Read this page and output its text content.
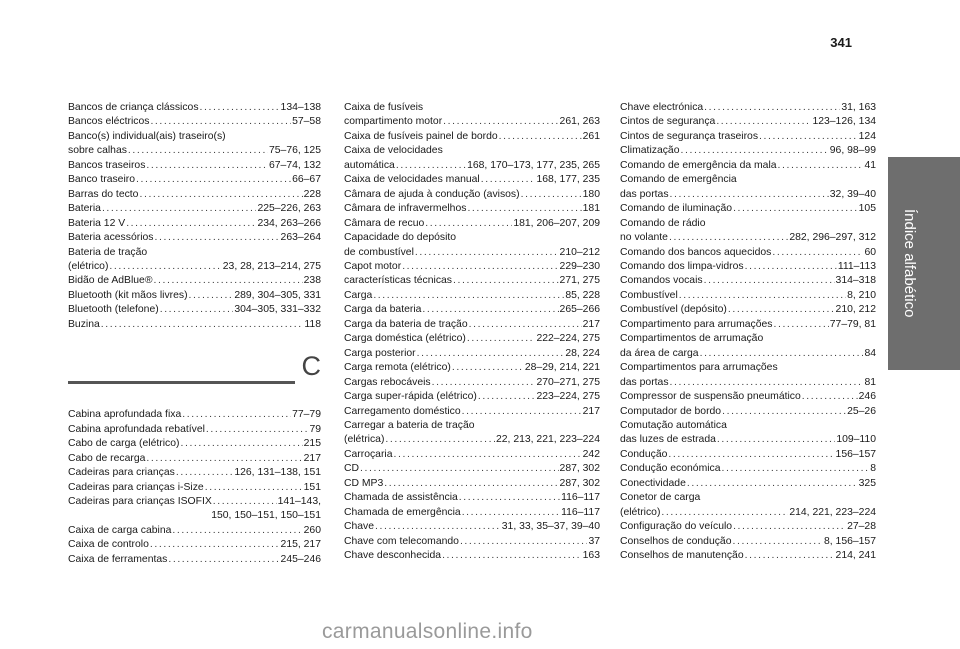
341
Índice alfabético
Bancos de criança clássicos .....	134–138
Bancos eléctricos .....	57–58
Banco(s) individual(ais) traseiro(s)
sobre calhas .....	75–76, 125
Bancos traseiros .....	67–74, 132
Banco traseiro .....	66–67
Barras do tecto .....	228
Bateria .....	225–226, 263
Bateria 12 V .....	234, 263–266
Bateria acessórios .....	263–264
Bateria de tração
(elétrico) .....	23, 28, 213–214, 275
Bidão de AdBlue® .....	238
Bluetooth (kit mãos livres) .....	289, 304–305, 331
Bluetooth (telefone) .....	304–305, 331–332
Buzina .....	118
C
Cabina aprofundada fixa .....	77–79
Cabina aprofundada rebatível .....	79
Cabo de carga (elétrico) .....	215
Cabo de recarga .....	217
Cadeiras para crianças .....	126, 131–138, 151
Cadeiras para crianças i-Size .....	151
Cadeiras para crianças ISOFIX .....	141–143,
150, 150–151, 150–151
Caixa de carga cabina .....	260
Caixa de controlo .....	215, 217
Caixa de ferramentas .....	245–246
Caixa de fusíveis
compartimento motor .....	261, 263
Caixa de fusíveis painel de bordo .....	261
Caixa de velocidades
automática .....	168, 170–173, 177, 235, 265
Caixa de velocidades manual .....	168, 177, 235
Câmara de ajuda à condução (avisos) .....	180
Câmara de infravermelhos .....	181
Câmara de recuo .....	181, 206–207, 209
Capacidade do depósito
de combustível .....	210–212
Capot motor .....	229–230
características técnicas .....	271, 275
Carga .....	85, 228
Carga da bateria .....	265–266
Carga da bateria de tração .....	217
Carga doméstica (elétrico) .....	222–224, 275
Carga posterior .....	28, 224
Carga remota (elétrico) .....	28–29, 214, 221
Cargas rebocáveis .....	270–271, 275
Carga super-rápida (elétrico) .....	223–224, 275
Carregamento doméstico .....	217
Carregar a bateria de tração
(elétrica) .....	22, 213, 221, 223–224
Carroçaria .....	242
CD .....	287, 302
CD MP3 .....	287, 302
Chamada de assistência .....	116–117
Chamada de emergência .....	116–117
Chave .....	31, 33, 35–37, 39–40
Chave com telecomando .....	37
Chave desconhecida .....	163
Chave electrónica .....	31, 163
Cintos de segurança .....	123–126, 134
Cintos de segurança traseiros .....	124
Climatização .....	96, 98–99
Comando de emergência da mala .....	41
Comando de emergência
das portas .....	32, 39–40
Comando de iluminação .....	105
Comando de rádio
no volante .....	282, 296–297, 312
Comando dos bancos aquecidos .....	60
Comando dos limpa-vidros .....	111–113
Comandos vocais .....	314–318
Combustível .....	8, 210
Combustível (depósito) .....	210, 212
Compartimento para arrumações .....	77–79, 81
Compartimentos de arrumação
da área de carga .....	84
Compartimentos para arrumações
das portas .....	81
Compressor de suspensão pneumático .....	246
Computador de bordo .....	25–26
Comutação automática
das luzes de estrada .....	109–110
Condução .....	156–157
Condução económica .....	8
Conectividade .....	325
Conetor de carga
(elétrico) .....	214, 221, 223–224
Configuração do veículo .....	27–28
Conselhos de condução .....	8, 156–157
Conselhos de manutenção .....	214, 241
carmanualsonline.info
